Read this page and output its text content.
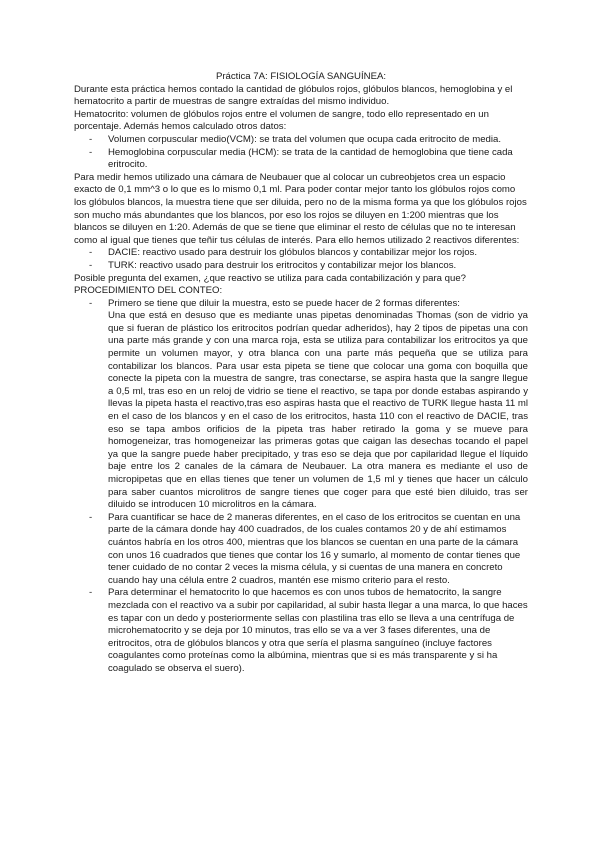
Práctica 7A: FISIOLOGÍA SANGUÍNEA:

Durante esta práctica hemos contado la cantidad de glóbulos rojos, glóbulos blancos, hemoglobina y el hematocrito a partir de muestras de sangre extraídas del mismo individuo.

Hematocrito: volumen de glóbulos rojos entre el volumen de sangre, todo ello representado en un porcentaje. Además hemos calculado otros datos:

- Volumen corpuscular medio(VCM): se trata del volumen que ocupa cada eritrocito de media.
- Hemoglobina corpuscular media (HCM): se trata de la cantidad de hemoglobina que tiene cada eritrocito.

Para medir hemos utilizado una cámara de Neubauer que al colocar un cubreobjetos crea un espacio exacto de 0,1 mm^3 o lo que es lo mismo 0,1 ml. Para poder contar mejor tanto los glóbulos rojos como los glóbulos blancos, la muestra tiene que ser diluida, pero no de la misma forma ya que los glóbulos rojos son mucho más abundantes que los blancos, por eso los rojos se diluyen en 1:200 mientras que los blancos se diluyen en 1:20. Además de que se tiene que eliminar el resto de células que no te interesan como al igual que tienes que teñir tus células de interés. Para ello hemos utilizado 2 reactivos diferentes:

- DACIE: reactivo usado para destruir los glóbulos blancos y contabilizar mejor los rojos.
- TURK: reactivo usado para destruir los eritrocitos y contabilizar mejor los blancos.

Posible pregunta del examen, ¿que reactivo se utiliza para cada contabilización y para que?

PROCEDIMIENTO DEL CONTEO:

- Primero se tiene que diluir la muestra, esto se puede hacer de 2 formas diferentes:

Una que está en desuso que es mediante unas pipetas denominadas Thomas (son de vidrio ya que si fueran de plástico los eritrocitos podrían quedar adheridos), hay 2 tipos de pipetas una con una parte más grande y con una marca roja, esta se utiliza para contabilizar los eritrocitos ya que permite un volumen mayor, y otra blanca con una parte más pequeña que se utiliza para contabilizar los blancos. Para usar esta pipeta se tiene que colocar una goma con boquilla que conecte la pipeta con la muestra de sangre, tras conectarse, se aspira hasta que la sangre llegue a 0,5 ml, tras eso en un reloj de vidrio se tiene el reactivo, se tapa por donde estabas aspirando y llevas la pipeta hasta el reactivo,tras eso aspiras hasta que el reactivo de TURK llegue hasta 11 ml en el caso de los blancos y en el caso de los eritrocitos, hasta 110 con el reactivo de DACIE, tras eso se tapa ambos orificios de la pipeta tras haber retirado la goma y se mueve para homogeneizar, tras homogeneizar las primeras gotas que caigan las desechas tocando el papel ya que la sangre puede haber precipitado, y tras eso se deja que por capilaridad llegue el líquido baje entre los 2 canales de la cámara de Neubauer. La otra manera es mediante el uso de micropipetas que en ellas tienes que tener un volumen de 1,5 ml y tienes que hacer un cálculo para saber cuantos microlitros de sangre tienes que coger para que esté bien diluido, tras ser diluido se introducen 10 microlitros en la cámara.

- Para cuantificar se hace de 2 maneras diferentes, en el caso de los eritrocitos se cuentan en una parte de la cámara donde hay 400 cuadrados, de los cuales contamos 20 y de ahí estimamos cuántos habría en los otros 400, mientras que los blancos se cuentan en una parte de la cámara con unos 16 cuadrados que tienes que contar los 16 y sumarlo, al momento de contar tienes que tener cuidado de no contar 2 veces la misma célula, y si cuentas de una manera en concreto cuando hay una célula entre 2 cuadros, mantén ese mismo criterio para el resto.

- Para determinar el hematocrito lo que hacemos es con unos tubos de hematocrito, la sangre mezclada con el reactivo va a subir por capilaridad, al subir hasta llegar a una marca, lo que haces es tapar con un dedo y posteriormente sellas con plastilina tras ello se lleva a una centrífuga de microhematocrito y se deja por 10 minutos, tras ello se va a ver 3 fases diferentes, una de eritrocitos, otra de glóbulos blancos y otra que sería el plasma sanguíneo (incluye factores coagulantes como proteínas como la albúmina, mientras que si es más transparente y si ha coagulado se observa el suero).
